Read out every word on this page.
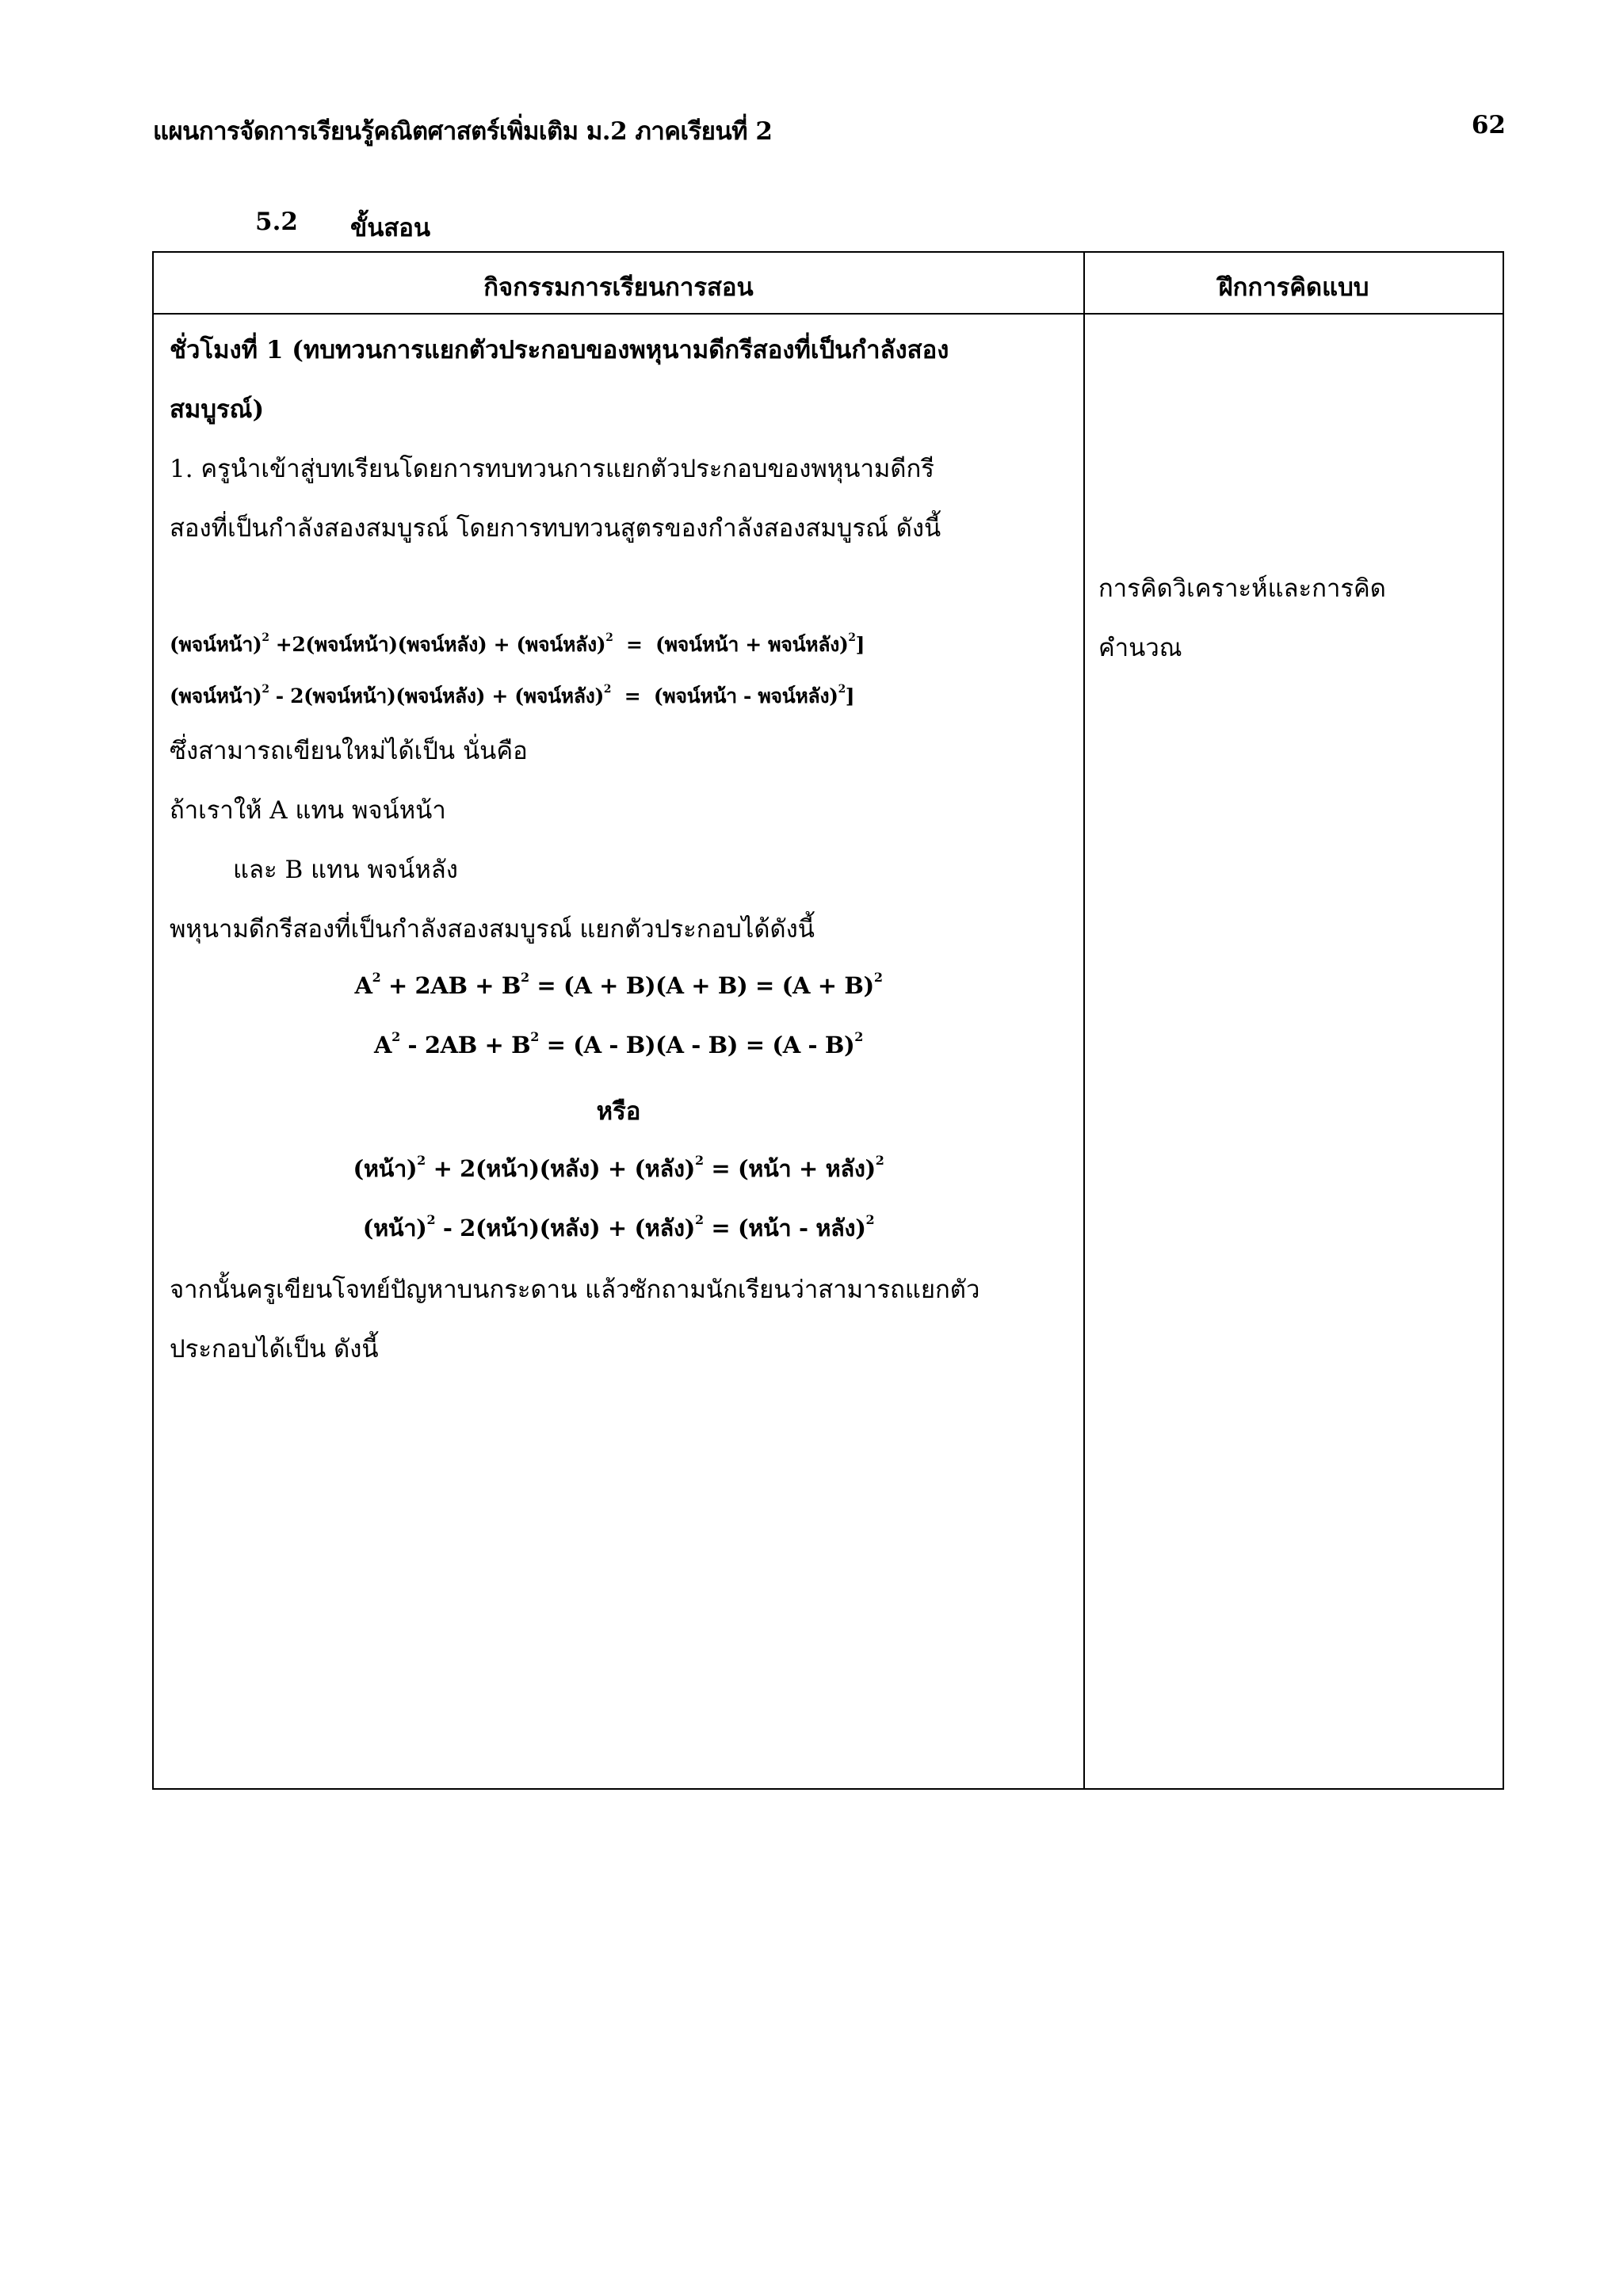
แผนการจัดการเรียนรู้คณิตศาสตร์เพิ่มเติม ม.2 ภาคเรียนที่ 2	62
5.2 ขั้นสอน
กิจกรรมการเรียนการสอน	ฝึกการคิดแบบ
ชั่วโมงที่ 1 (ทบทวนการแยกตัวประกอบของพหุนามดีกรีสองที่เป็นกำลังสอง
สมบูรณ์)
1. ครูนำเข้าสู่บทเรียนโดยการทบทวนการแยกตัวประกอบของพหุนามดีกรี
สองที่เป็นกำลังสองสมบูรณ์ โดยการทบทวนสูตรของกำลังสองสมบูรณ์ ดังนี้
(พจน์หน้า)$^2$ +2(พจน์หน้า)(พจน์หลัง) + (พจน์หลัง)$^2$  =  (พจน์หน้า + พจน์หลัง)$^2$]
(พจน์หน้า)$^2$ - 2(พจน์หน้า)(พจน์หลัง) + (พจน์หลัง)$^2$  =  (พจน์หน้า - พจน์หลัง)$^2$]
ซึ่งสามารถเขียนใหม่ได้เป็น นั่นคือ
ถ้าเราให้ A แทน พจน์หน้า
และ B แทน พจน์หลัง
พหุนามดีกรีสองที่เป็นกำลังสองสมบูรณ์ แยกตัวประกอบได้ดังนี้
$A^2 + 2AB + B^2 = (A + B)(A + B) = (A + B)^2$
$A^2 - 2AB + B^2 = (A - B)(A - B) = (A - B)^2$
หรือ
(หน้า)$^2$ + 2(หน้า)(หลัง) + (หลัง)$^2$ = (หน้า + หลัง)$^2$
(หน้า)$^2$ - 2(หน้า)(หลัง) + (หลัง)$^2$ = (หน้า - หลัง)$^2$
จากนั้นครูเขียนโจทย์ปัญหาบนกระดาน แล้วซักถามนักเรียนว่าสามารถแยกตัว
ประกอบได้เป็น ดังนี้
การคิดวิเคราะห์และการคิด
คำนวณ
